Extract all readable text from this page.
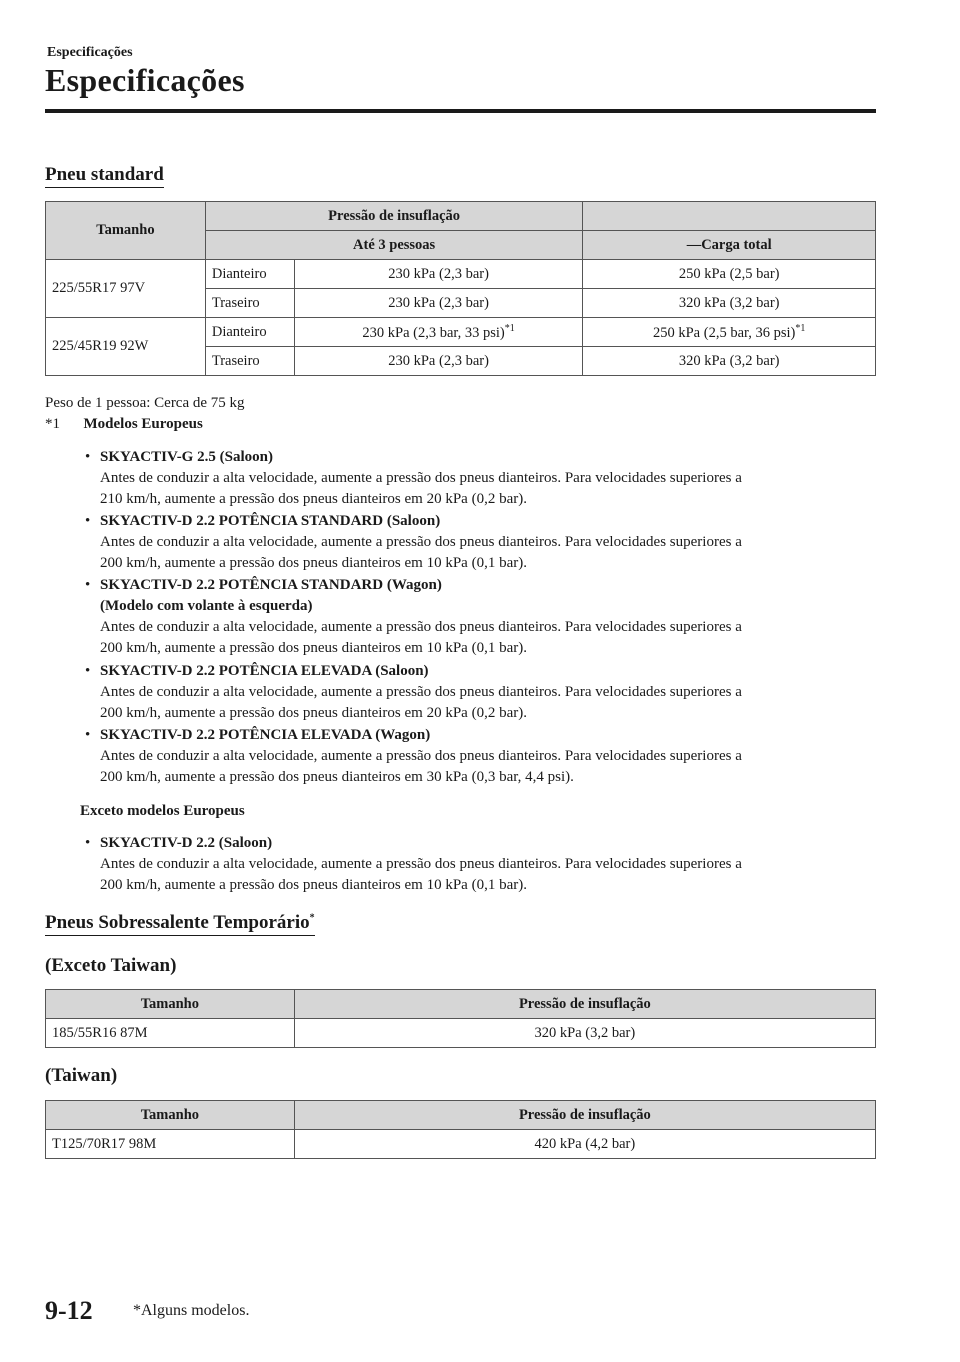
Especificações
Especificações
Pneu standard
Tamanho	Pressão de insuflação		
	Até 3 pessoas		―Carga total
225/55R17 97V	Dianteiro	230 kPa (2,3 bar)	250 kPa (2,5 bar)
	Traseiro	230 kPa (2,3 bar)	320 kPa (3,2 bar)
225/45R19 92W	Dianteiro	230 kPa (2,3 bar, 33 psi)$^{*1}$	250 kPa (2,5 bar, 36 psi)$^{*1}$
	Traseiro	230 kPa (2,3 bar)	320 kPa (3,2 bar)
Peso de 1 pessoa: Cerca de 75 kg
*1 Modelos Europeus
• SKYACTIV-G 2.5 (Saloon)
Antes de conduzir a alta velocidade, aumente a pressão dos pneus dianteiros. Para velocidades superiores a
210 km/h, aumente a pressão dos pneus dianteiros em 20 kPa (0,2 bar).
• SKYACTIV-D 2.2 POTÊNCIA STANDARD (Saloon)
Antes de conduzir a alta velocidade, aumente a pressão dos pneus dianteiros. Para velocidades superiores a
200 km/h, aumente a pressão dos pneus dianteiros em 10 kPa (0,1 bar).
• SKYACTIV-D 2.2 POTÊNCIA STANDARD (Wagon)
(Modelo com volante à esquerda)
Antes de conduzir a alta velocidade, aumente a pressão dos pneus dianteiros. Para velocidades superiores a
200 km/h, aumente a pressão dos pneus dianteiros em 10 kPa (0,1 bar).
• SKYACTIV-D 2.2 POTÊNCIA ELEVADA (Saloon)
Antes de conduzir a alta velocidade, aumente a pressão dos pneus dianteiros. Para velocidades superiores a
200 km/h, aumente a pressão dos pneus dianteiros em 20 kPa (0,2 bar).
• SKYACTIV-D 2.2 POTÊNCIA ELEVADA (Wagon)
Antes de conduzir a alta velocidade, aumente a pressão dos pneus dianteiros. Para velocidades superiores a
200 km/h, aumente a pressão dos pneus dianteiros em 30 kPa (0,3 bar, 4,4 psi).
Exceto modelos Europeus
• SKYACTIV-D 2.2 (Saloon)
Antes de conduzir a alta velocidade, aumente a pressão dos pneus dianteiros. Para velocidades superiores a
200 km/h, aumente a pressão dos pneus dianteiros em 10 kPa (0,1 bar).
Pneus Sobressalente Temporário*
(Exceto Taiwan)
Tamanho	Pressão de insuflação
185/55R16 87M	320 kPa (3,2 bar)
(Taiwan)
Tamanho	Pressão de insuflação
T125/70R17 98M	420 kPa (4,2 bar)
9-12	*Alguns modelos.
